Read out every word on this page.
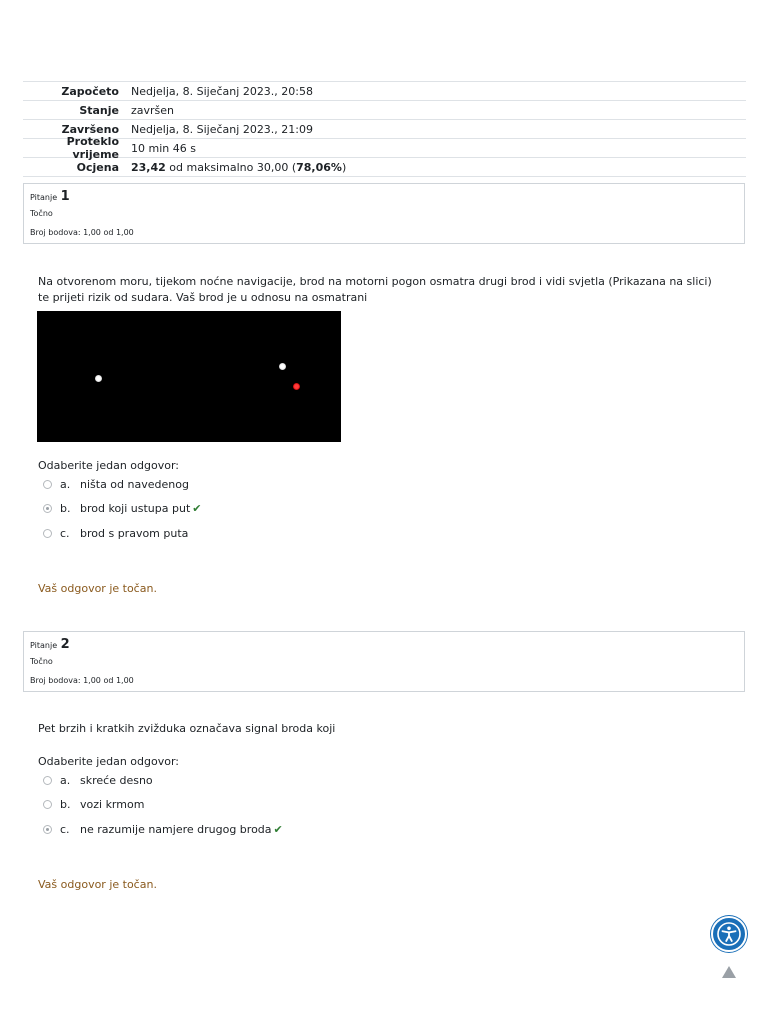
Započeto	Nedjelja, 8. Siječanj 2023., 20:58
Stanje	završen
Završeno	Nedjelja, 8. Siječanj 2023., 21:09
Proteklo vrijeme	10 min 46 s
Ocjena	23,42 od maksimalno 30,00 (78,06%)
Pitanje 1
Točno
Broj bodova: 1,00 od 1,00
Na otvorenom moru, tijekom noćne navigacije, brod na motorni pogon osmatra drugi brod i vidi svjetla (Prikazana na slici) te prijeti rizik od sudara. Vaš brod je u odnosu na osmatrani
Odaberite jedan odgovor:
a. ništa od navedenog
b. brod koji ustupa put ✔
c. brod s pravom puta
Vaš odgovor je točan.
Pitanje 2
Točno
Broj bodova: 1,00 od 1,00
Pet brzih i kratkih zvižduka označava signal broda koji
Odaberite jedan odgovor:
a. skreće desno
b. vozi krmom
c. ne razumije namjere drugog broda ✔
Vaš odgovor je točan.
